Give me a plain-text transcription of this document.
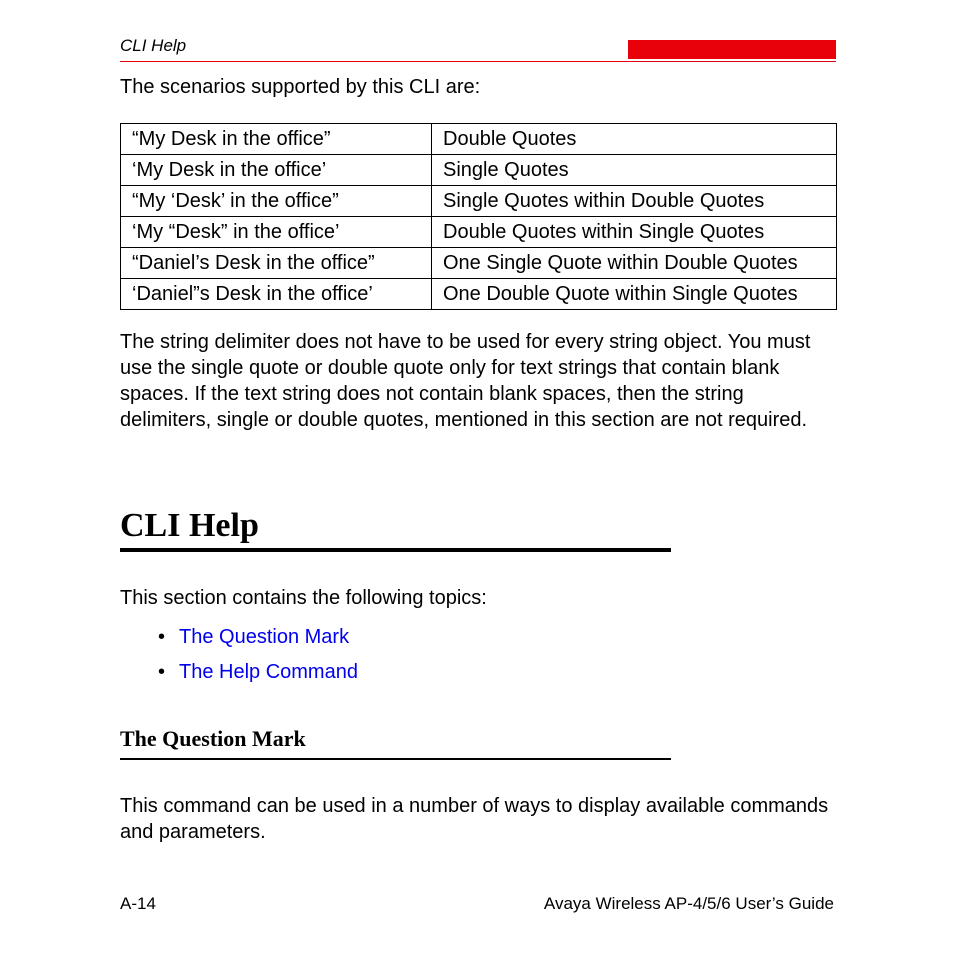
CLI Help
The scenarios supported by this CLI are:
“My Desk in the office”	Double Quotes
‘My Desk in the office’	Single Quotes
“My ‘Desk’ in the office”	Single Quotes within Double Quotes
‘My “Desk” in the office’	Double Quotes within Single Quotes
“Daniel’s Desk in the office”	One Single Quote within Double Quotes
‘Daniel”s Desk in the office’	One Double Quote within Single Quotes
The string delimiter does not have to be used for every string object. You must use the single quote or double quote only for text strings that contain blank spaces. If the text string does not contain blank spaces, then the string delimiters, single or double quotes, mentioned in this section are not required.
CLI Help
This section contains the following topics:
• The Question Mark
• The Help Command
The Question Mark
This command can be used in a number of ways to display available commands and parameters.
A-14	Avaya Wireless AP-4/5/6 User’s Guide
